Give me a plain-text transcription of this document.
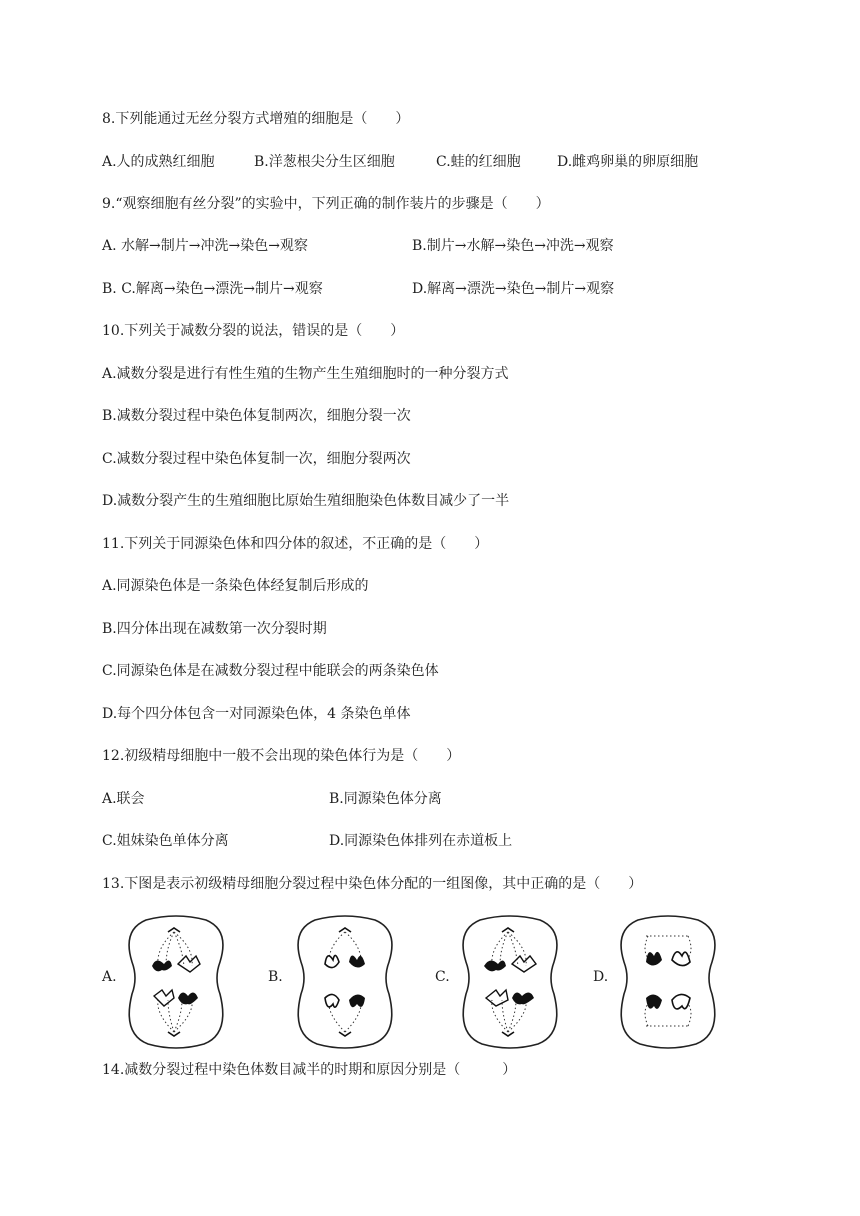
8.下列能通过无丝分裂方式增殖的细胞是（　　）
A.人的成熟红细胞	B.洋葱根尖分生区细胞	C.蛙的红细胞	D.雌鸡卵巢的卵原细胞
9.“观察细胞有丝分裂”的实验中，下列正确的制作装片的步骤是（　　）
A. 水解→制片→冲洗→染色→观察	B.制片→水解→染色→冲洗→观察
B. C.解离→染色→漂洗→制片→观察	D.解离→漂洗→染色→制片→观察
10.下列关于减数分裂的说法，错误的是（　　）
A.减数分裂是进行有性生殖的生物产生生殖细胞时的一种分裂方式
B.减数分裂过程中染色体复制两次，细胞分裂一次
C.减数分裂过程中染色体复制一次，细胞分裂两次
D.减数分裂产生的生殖细胞比原始生殖细胞染色体数目减少了一半
11.下列关于同源染色体和四分体的叙述，不正确的是（　　）
A.同源染色体是一条染色体经复制后形成的
B.四分体出现在减数第一次分裂时期
C.同源染色体是在减数分裂过程中能联会的两条染色体
D.每个四分体包含一对同源染色体，4 条染色单体
12.初级精母细胞中一般不会出现的染色体行为是（　　）
A.联会	B.同源染色体分离
C.姐妹染色单体分离	D.同源染色体排列在赤道板上
13.下图是表示初级精母细胞分裂过程中染色体分配的一组图像，其中正确的是（　　）
A.	B.	C.	D.
14.减数分裂过程中染色体数目减半的时期和原因分别是（　　　）
